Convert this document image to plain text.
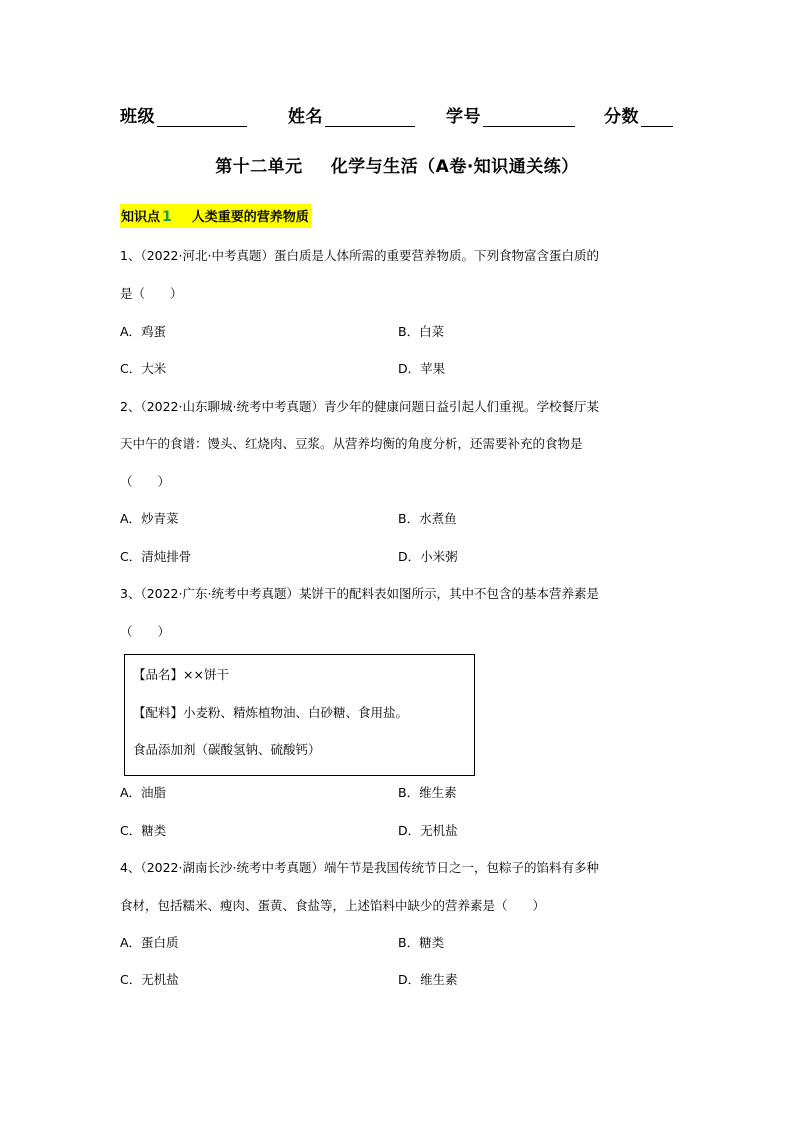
班级	姓名	学号	分数
第十二单元 化学与生活（A卷·知识通关练）
知识点 1 人类重要的营养物质
1、（2022·河北·中考真题）蛋白质是人体所需的重要营养物质。下列食物富含蛋白质的
是（　　）
A．鸡蛋	B．白菜
C．大米	D．苹果
2、（2022·山东聊城·统考中考真题）青少年的健康问题日益引起人们重视。学校餐厅某
天中午的食谱：馒头、红烧肉、豆浆。从营养均衡的角度分析，还需要补充的食物是
（　　）
A．炒青菜	B．水煮鱼
C．清炖排骨	D．小米粥
3、（2022·广东·统考中考真题）某饼干的配料表如图所示，其中不包含的基本营养素是
（　　）
【品名】××饼干
【配料】小麦粉、精炼植物油、白砂糖、食用盐。
食品添加剂（碳酸氢钠、硫酸钙）
A．油脂	B．维生素
C．糖类	D．无机盐
4、（2022·湖南长沙·统考中考真题）端午节是我国传统节日之一，包粽子的馅料有多种
食材，包括糯米、瘦肉、蛋黄、食盐等，上述馅料中缺少的营养素是（　　）
A．蛋白质	B．糖类
C．无机盐	D．维生素
